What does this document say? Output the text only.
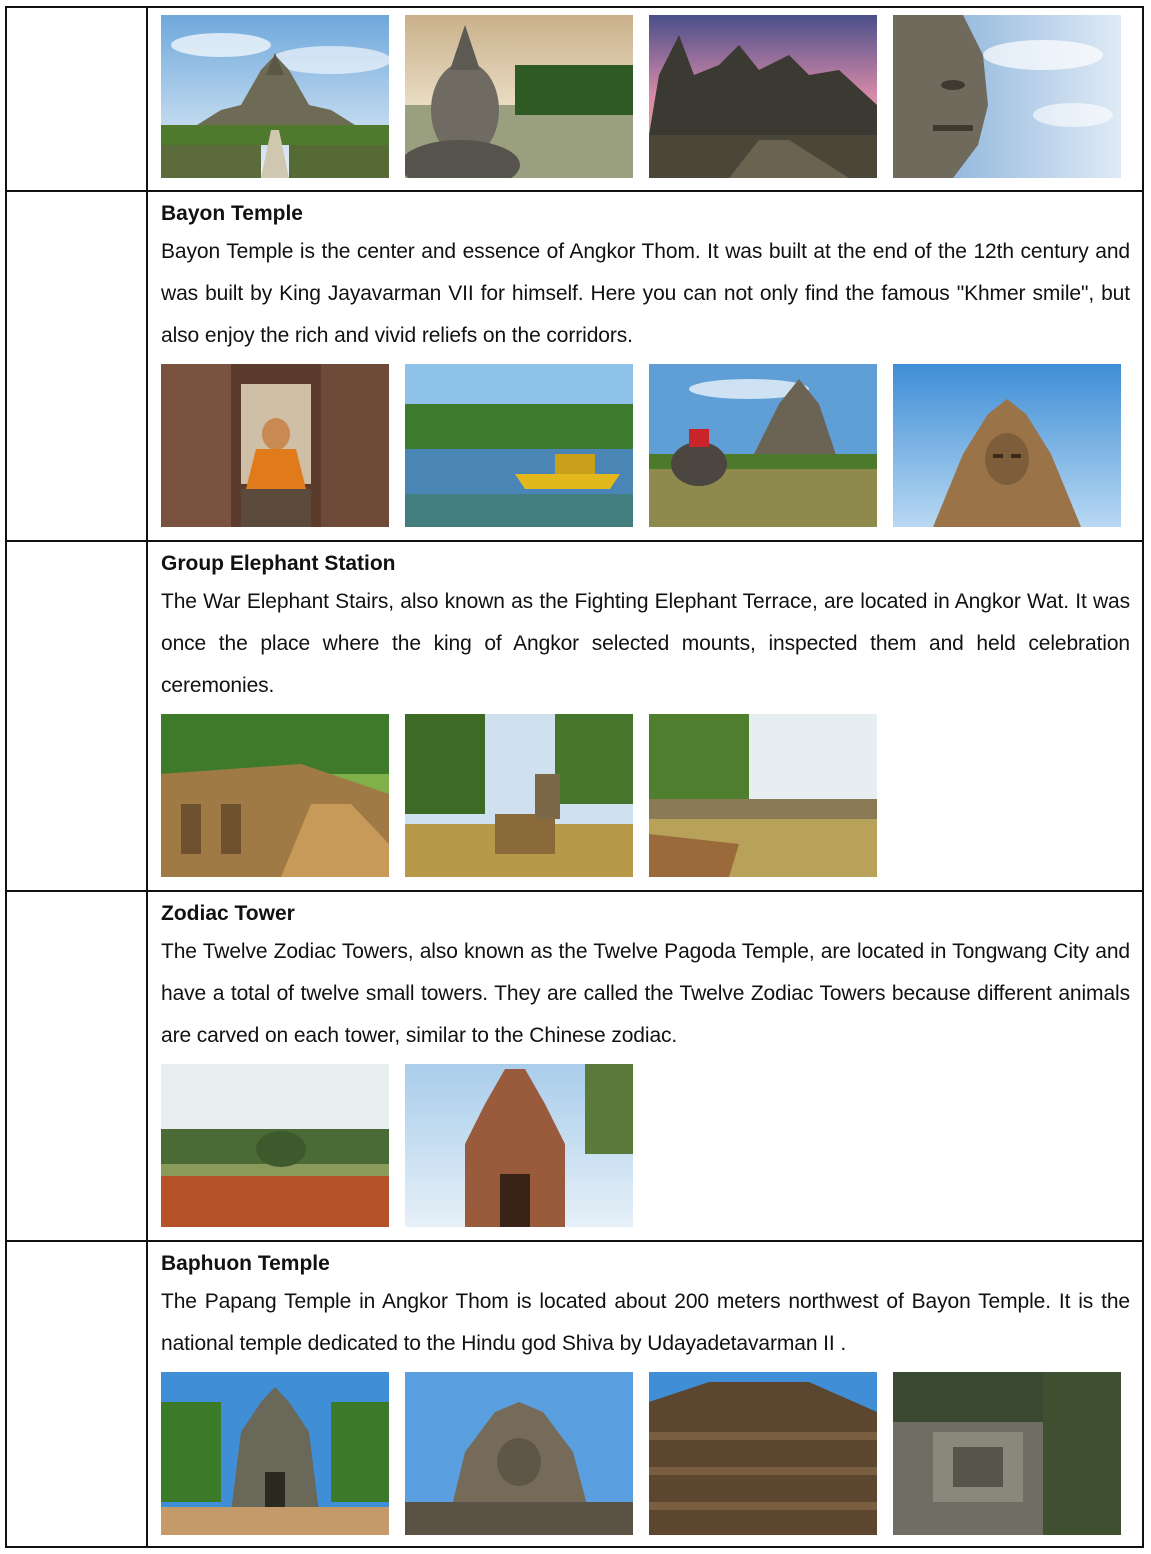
	Bayon Temple

Bayon Temple is the center and essence of Angkor Thom. It was built at the end of the 12th century and was built by King Jayavarman VII for himself. Here you can not only find the famous "Khmer smile", but also enjoy the rich and vivid reliefs on the corridors.

	Group Elephant Station

The War Elephant Stairs, also known as the Fighting Elephant Terrace, are located in Angkor Wat. It was once the place where the king of Angkor selected mounts, inspected them and held celebration ceremonies.

	Zodiac Tower

The Twelve Zodiac Towers, also known as the Twelve Pagoda Temple, are located in Tongwang City and have a total of twelve small towers. They are called the Twelve Zodiac Towers because different animals are carved on each tower, similar to the Chinese zodiac.

	Baphuon Temple

The Papang Temple in Angkor Thom is located about 200 meters northwest of Bayon Temple. It is the national temple dedicated to the Hindu god Shiva by Udayadetavarman II .
